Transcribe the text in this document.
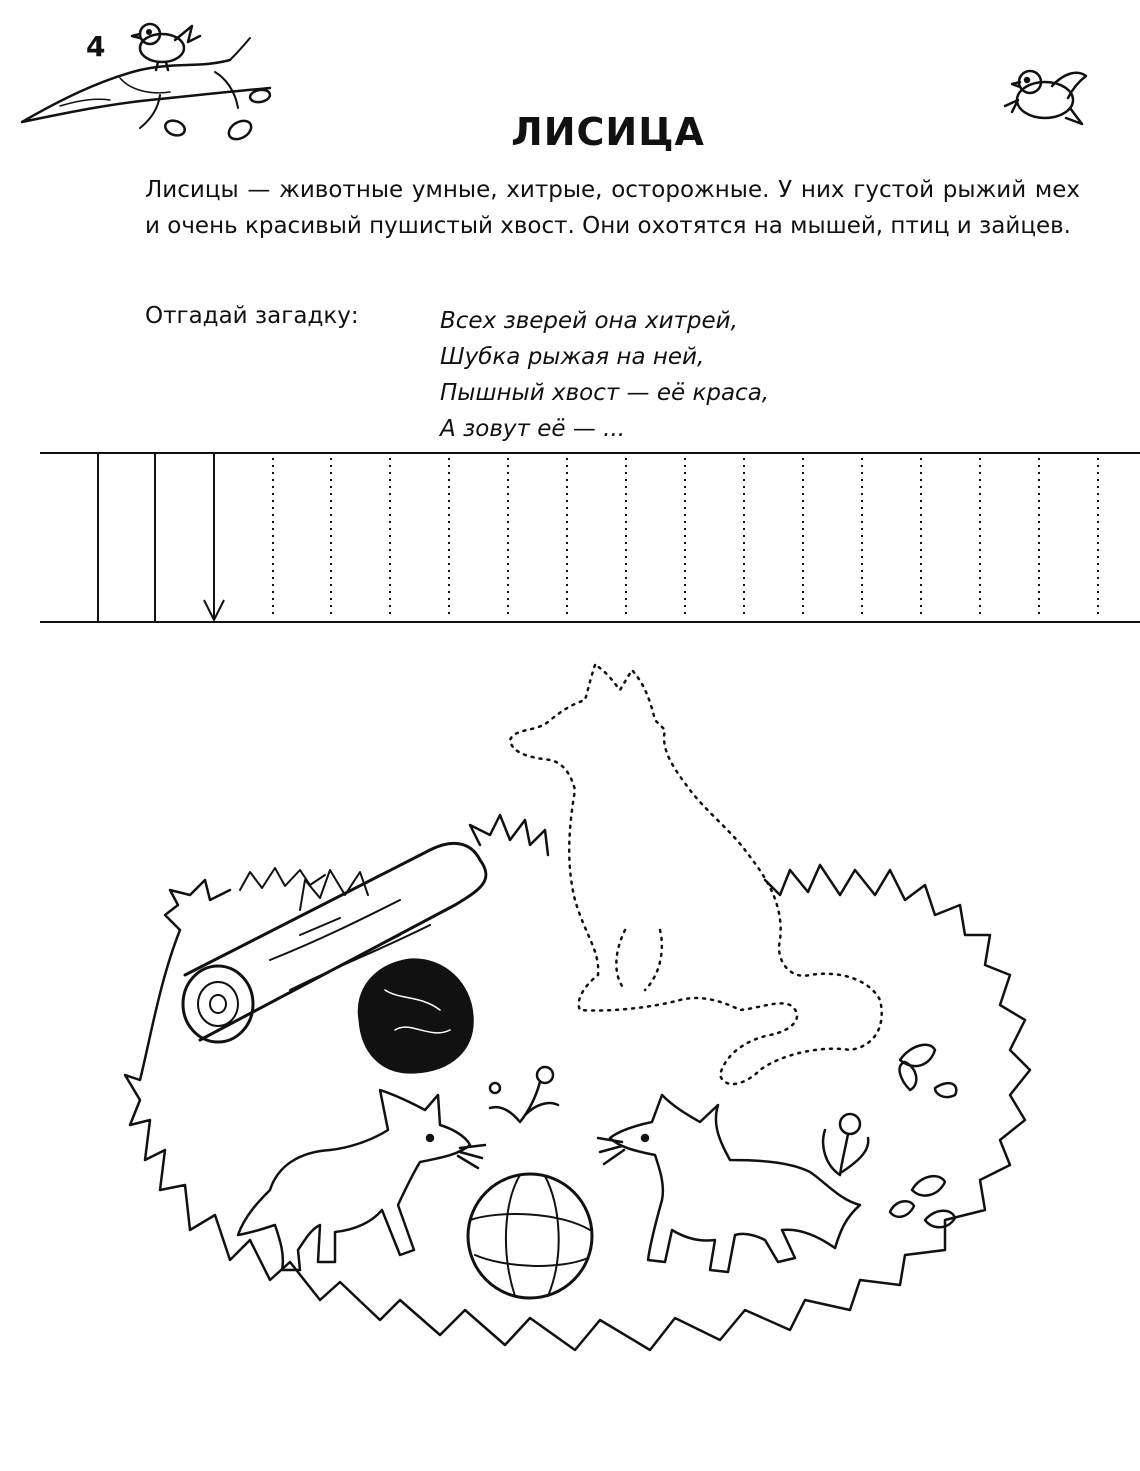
4
ЛИСИЦА

Лисицы — животные умные, хитрые, осторожные. У них густой рыжий мех и очень красивый пушистый хвост. Они охотятся на мышей, птиц и зайцев.

Отгадай загадку:	Всех зверей она хитрей,
Шубка рыжая на ней,
Пышный хвост — её краса,
А зовут её — ...
